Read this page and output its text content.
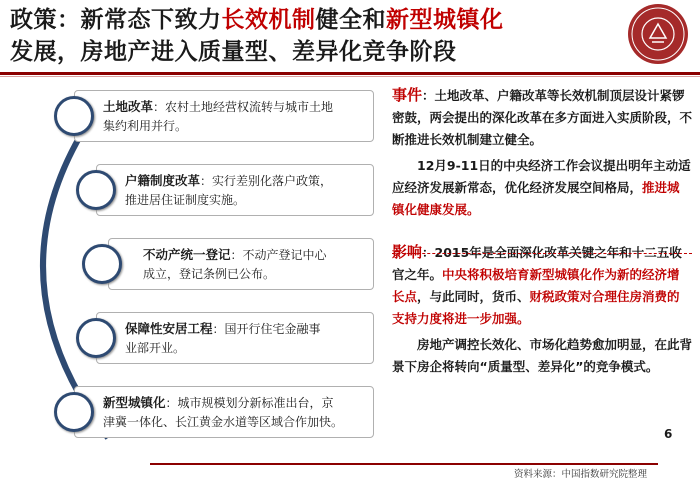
政策：新常态下致力长效机制健全和新型城镇化
发展，房地产进入质量型、差异化竞争阶段
土地改革：农村土地经营权流转与城市土地
集约利用并行。
户籍制度改革：实行差别化落户政策，
推进居住证制度实施。
不动产统一登记：不动产登记中心
成立，登记条例已公布。
保障性安居工程：国开行住宅金融事
业部开业。
新型城镇化：城市规模划分新标准出台，京
津冀一体化、长江黄金水道等区域合作加快。

事件：土地改革、户籍改革等长效机制顶层设计紧锣密鼓，两会提出的深化改革在多方面进入实质阶段，不断推进长效机制建立健全。

12月9-11日的中央经济工作会议提出明年主动适应经济发展新常态，优化经济发展空间格局，推进城镇化健康发展。

影响：2015年是全面深化改革关键之年和十二五收官之年。中央将积极培育新型城镇化作为新的经济增长点，与此同时，货币、财税政策对合理住房消费的支持力度将进一步加强。

房地产调控长效化、市场化趋势愈加明显，在此背景下房企将转向“质量型、差异化”的竞争模式。

6
资料来源：中国指数研究院整理
